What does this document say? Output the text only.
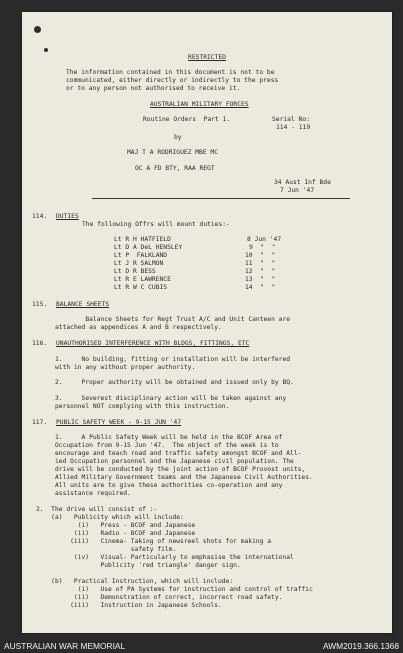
RESTRICTED
The information contained in this document is not to be
communicated, either directly or indirectly to the press
or to any person not authorised to receive it.
AUSTRALIAN MILITARY FORCES
Routine Orders  Part 1.	Serial No:
114 - 119
by
MAJ T A RODRIGUEZ MBE MC
OC A FD BTY, RAA REGT
34 Aust Inf Bde
7 Jun '47
114. DUTIES
The following Offrs will mount duties:-
Lt R H HATFIELD	8 Jun '47
Lt D A DeL HENSLEY	9  "  "
Lt P  FALKLAND	10  "  "
Lt J R SALMON	11  "  "
Lt D R BESS	12  "  "
Lt R E LAWRENCE	13  "  "
Lt R W C CUBIS	14  "  "
115. BALANCE SHEETS
Balance Sheets for Regt Trust A/C and Unit Canteen are
attached as appendices A and B respectively.
116. UNAUTHORISED INTERFERENCE WITH BLDGS, FITTINGS, ETC
1.     No building, fitting or installation will be interfered
with in any without proper authority.
2.     Proper authority will be obtained and issued only by BQ.
3.     Severest disciplinary action will be taken against any
personnel NOT complying with this instruction.
117. PUBLIC SAFETY WEEK - 9-15 JUN '47
1.     A Public Safety Week will be held in the BCOF Area of
Occupation from 9-15 Jun '47.  The object of the week is to
encourage and teach road and traffic safety amongst BCOF and All-
ied Occupation personnel and the Japanese civil population. The
drive will be conducted by the joint action of BCOF Provost units,
Allied Military Government teams and the Japanese Civil Authorities.
All units are to give these authorities co-operation and any
assistance required.
2.  The drive will consist of :-
(a)   Publicity which will include:
(i)   Press - BCOF and Japanese
(ii)   Radio - BCOF and Japanese
(iii)   Cinema- Taking of newsreel shots for making a
safety film.
(iv)   Visual- Particularly to emphasise the international
Publicity 'red triangle' danger sign.
(b)   Practical Instruction, which will include:
(i)   Use of PA Systems for instruction and control of traffic
(ii)   Demonstration of correct, incorrect road safety.
(iii)   Instruction in Japanese Schools.
AUSTRALIAN WAR MEMORIAL	AWM2019.366.1368
